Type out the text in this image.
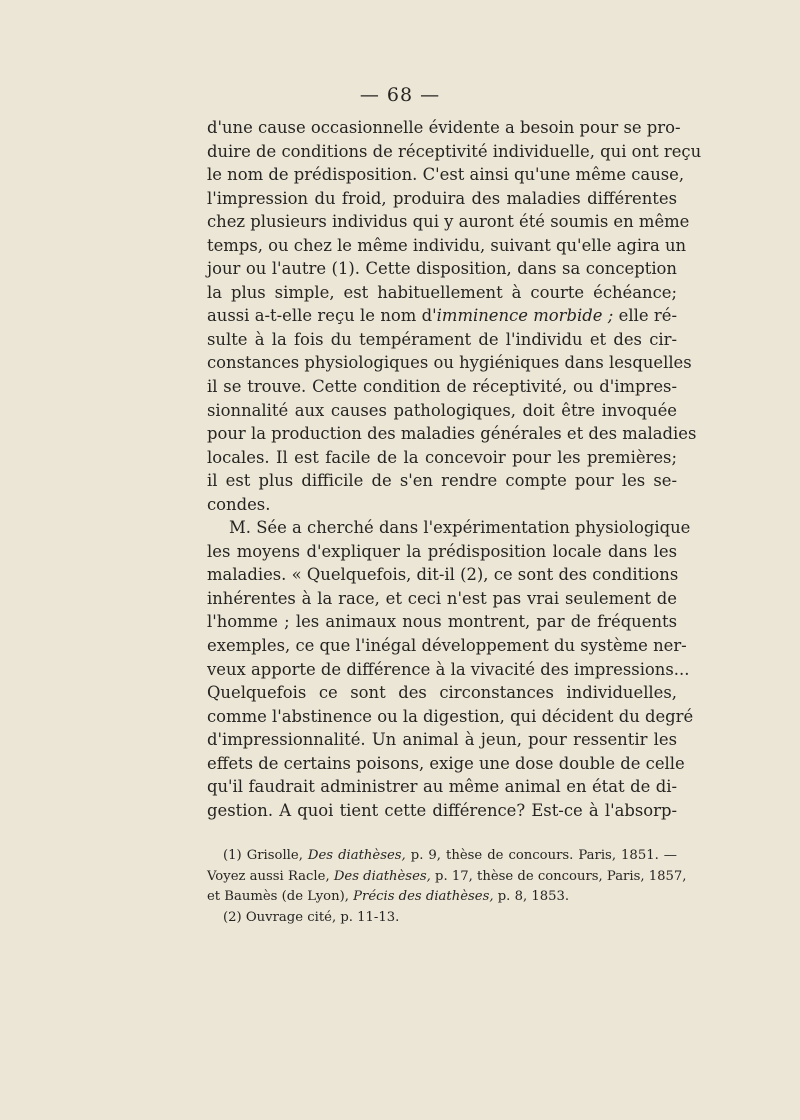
— 68 —

d'une cause occasionnelle évidente a besoin pour se pro-
duire de conditions de réceptivité individuelle, qui ont reçu
le nom de prédisposition. C'est ainsi qu'une même cause,
l'impression du froid, produira des maladies différentes
chez plusieurs individus qui y auront été soumis en même
temps, ou chez le même individu, suivant qu'elle agira un
jour ou l'autre (1). Cette disposition, dans sa conception
la plus simple, est habituellement à courte échéance;
aussi a-t-elle reçu le nom d'imminence morbide ; elle ré-
sulte à la fois du tempérament de l'individu et des cir-
constances physiologiques ou hygiéniques dans lesquelles
il se trouve. Cette condition de réceptivité, ou d'impres-
sionnalité aux causes pathologiques, doit être invoquée
pour la production des maladies générales et des maladies
locales. Il est facile de la concevoir pour les premières;
il est plus difficile de s'en rendre compte pour les se-
condes.

M. Sée a cherché dans l'expérimentation physiologique
les moyens d'expliquer la prédisposition locale dans les
maladies. « Quelquefois, dit-il (2), ce sont des conditions
inhérentes à la race, et ceci n'est pas vrai seulement de
l'homme ; les animaux nous montrent, par de fréquents
exemples, ce que l'inégal développement du système ner-
veux apporte de différence à la vivacité des impressions...
Quelquefois ce sont des circonstances individuelles,
comme l'abstinence ou la digestion, qui décident du degré
d'impressionnalité. Un animal à jeun, pour ressentir les
effets de certains poisons, exige une dose double de celle
qu'il faudrait administrer au même animal en état de di-
gestion. A quoi tient cette différence? Est-ce à l'absorp-

(1) Grisolle, Des diathèses, p. 9, thèse de concours. Paris, 1851. —
Voyez aussi Racle, Des diathèses, p. 17, thèse de concours, Paris, 1857,
et Baumès (de Lyon), Précis des diathèses, p. 8, 1853.
(2) Ouvrage cité, p. 11-13.
